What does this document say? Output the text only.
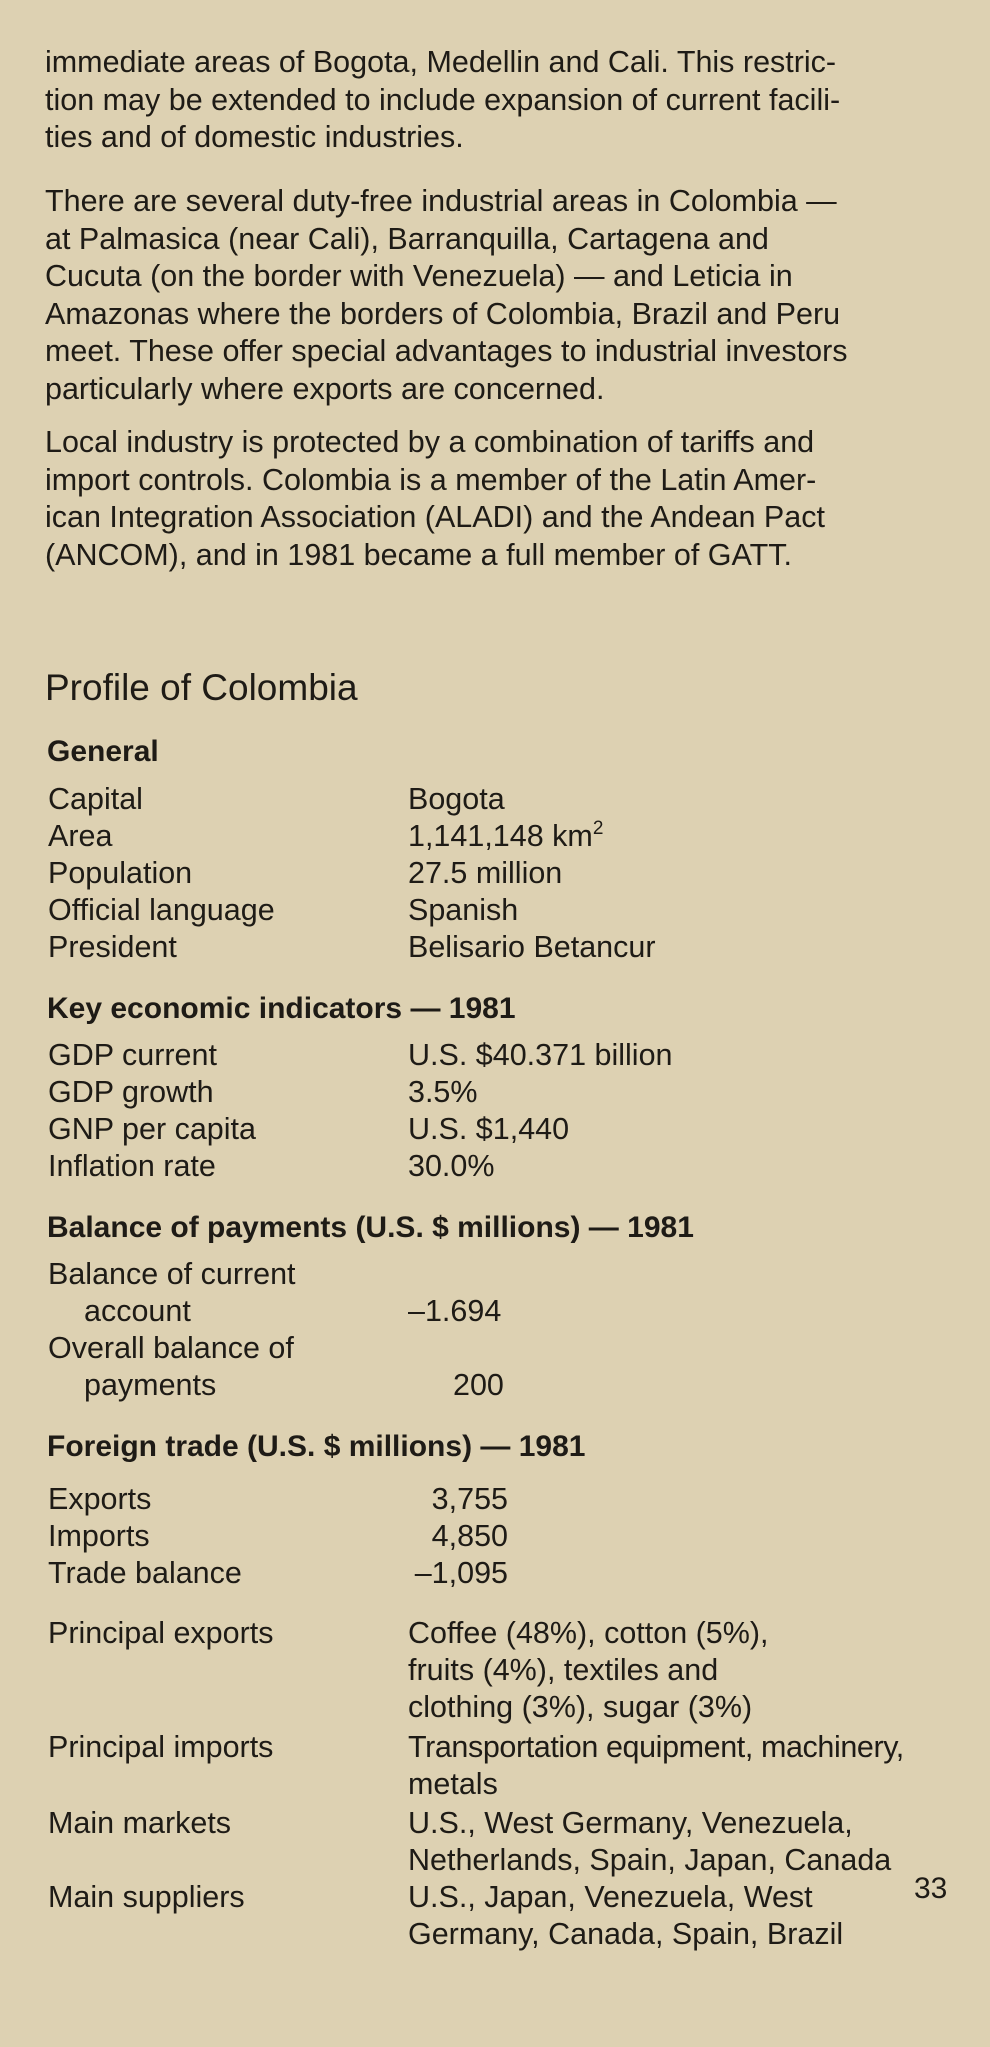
immediate areas of Bogota, Medellin and Cali. This restric-
tion may be extended to include expansion of current facili-
ties and of domestic industries.
There are several duty-free industrial areas in Colombia —
at Palmasica (near Cali), Barranquilla, Cartagena and
Cucuta (on the border with Venezuela) — and Leticia in
Amazonas where the borders of Colombia, Brazil and Peru
meet. These offer special advantages to industrial investors
particularly where exports are concerned.
Local industry is protected by a combination of tariffs and
import controls. Colombia is a member of the Latin Amer-
ican Integration Association (ALADI) and the Andean Pact
(ANCOM), and in 1981 became a full member of GATT.
Profile of Colombia
General
Capital	Bogota
Area	1,141,148 $km^2$
Population	27.5 million
Official language	Spanish
President	Belisario Betancur
Key economic indicators — 1981
GDP current	U.S. $40.371 billion
GDP growth	3.5%
GNP per capita	U.S. $1,440
Inflation rate	30.0%
Balance of payments (U.S. $ millions) — 1981
Balance of current
account	–1.694
Overall balance of
payments	200
Foreign trade (U.S. $ millions) — 1981
Exports	3,755
Imports	4,850
Trade balance	–1,095
Principal exports	Coffee (48%), cotton (5%),
fruits (4%), textiles and
clothing (3%), sugar (3%)
Principal imports	Transportation equipment, machinery,
metals
Main markets	U.S., West Germany, Venezuela,
Netherlands, Spain, Japan, Canada
Main suppliers	U.S., Japan, Venezuela, West
Germany, Canada, Spain, Brazil
33
